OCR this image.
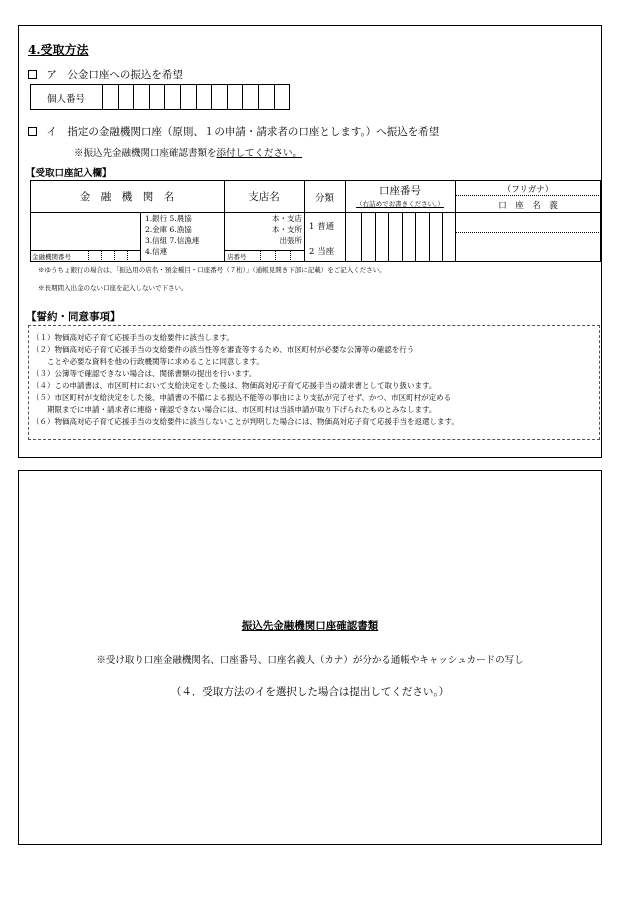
4.受取方法
ア　公金口座への振込を希望
個人番号
イ　指定の金融機関口座（原則、１の申請・請求者の口座とします。）へ振込を希望
※振込先金融機関口座確認書類を添付してください。
【受取口座記入欄】
金　融　機　関　名	支店名	分類
口座番号
（右詰めでお書きください。）
（フリガナ）
口　座　名　義
金融機関番号
1.銀行 5.農協
2.金庫 6.漁協
3.信組 7.信漁連
4.信連
本・支店
本・支所
出張所
店番号
1 普通
2 当座
※ゆうちょ銀行の場合は、「振込用の店名・預金種目・口座番号（７桁）」（通帳見開き下部に記載）をご記入ください。
※長期間入出金のない口座を記入しないで下さい。
【誓約・同意事項】
（１）物価高対応子育て応援手当の支給要件に該当します。
（２）物価高対応子育て応援手当の支給要件の該当性等を審査等するため、市区町村が必要な公簿等の確認を行う
　　ことや必要な資料を他の行政機関等に求めることに同意します。
（３）公簿等で確認できない場合は、関係書類の提出を行います。
（４）この申請書は、市区町村において支給決定をした後は、物価高対応子育て応援手当の請求書として取り扱います。
（５）市区町村が支給決定をした後、申請書の不備による振込不能等の事由により支払が完了せず、かつ、市区町村が定める
　　期限までに申請・請求者に連絡・確認できない場合には、市区町村は当該申請が取り下げられたものとみなします。
（６）物価高対応子育て応援手当の支給要件に該当しないことが判明した場合には、物価高対応子育て応援手当を返還します。
振込先金融機関口座確認書類
※受け取り口座金融機関名、口座番号、口座名義人（カナ）が分かる通帳やキャッシュカードの写し
（４．受取方法のイを選択した場合は提出してください。）
